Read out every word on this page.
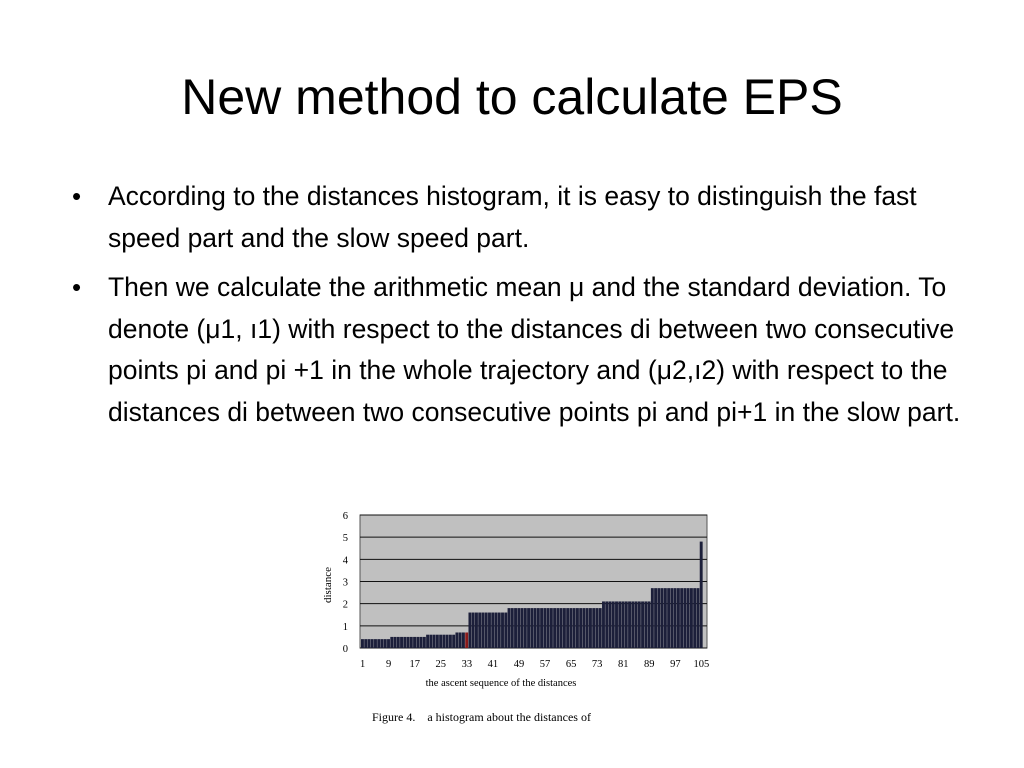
New method to calculate EPS
• According to the distances histogram, it is easy to distinguish the fast speed part and the slow speed part.
• Then we calculate the arithmetic mean μ and the standard deviation. To denote (μ1, ı1) with respect to the distances di between two consecutive points pi and pi +1 in the whole trajectory and (μ2,ı2) with respect to the distances di between two consecutive points pi and pi+1 in the slow part.
0
1
2
3
4
5
6
1 9 17 25 33 41 49 57 65 73 81 89 97 105
distance
the ascent sequence of the distances
Figure 4.    a histogram about the distances of
